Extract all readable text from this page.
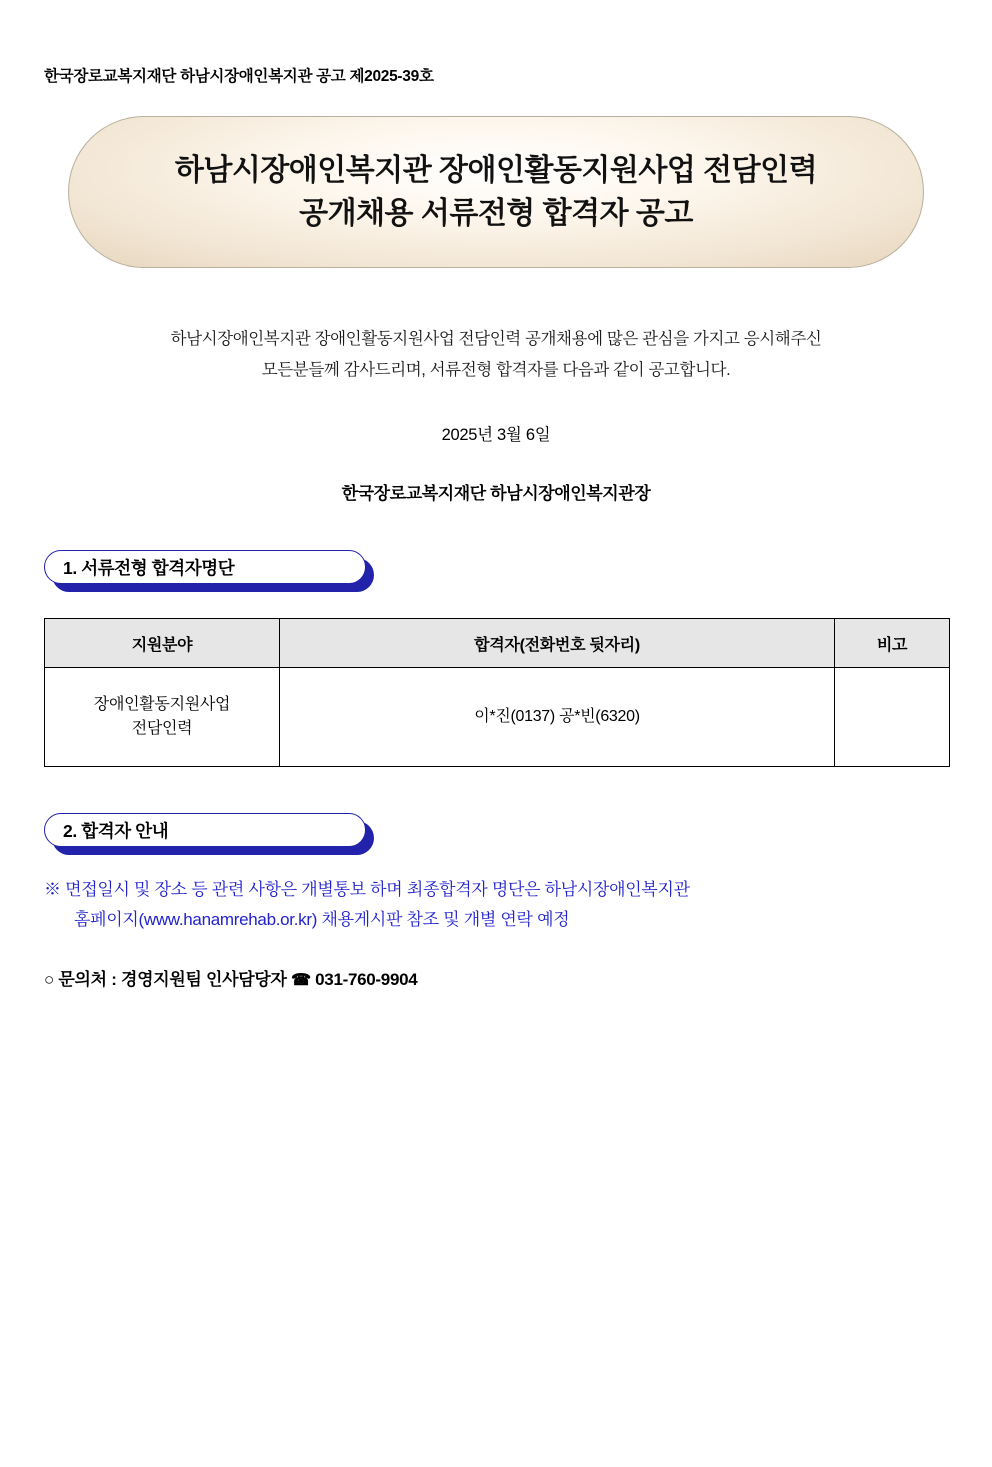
한국장로교복지재단 하남시장애인복지관 공고 제2025-39호
하남시장애인복지관 장애인활동지원사업 전담인력
공개채용 서류전형 합격자 공고
하남시장애인복지관 장애인활동지원사업 전담인력 공개채용에 많은 관심을 가지고 응시해주신
모든분들께 감사드리며, 서류전형 합격자를 다음과 같이 공고합니다.
2025년 3월 6일
한국장로교복지재단 하남시장애인복지관장
1. 서류전형 합격자명단
지원분야	합격자(전화번호 뒷자리)	비고

장애인활동지원사업
전담인력	이*진(0137) 공*빈(6320)	
2. 합격자 안내
※ 면접일시 및 장소 등 관련 사항은 개별통보 하며 최종합격자 명단은 하남시장애인복지관
홈페이지(www.hanamrehab.or.kr) 채용게시판 참조 및 개별 연락 예정
○ 문의처 : 경영지원팀 인사담당자 ☎ 031-760-9904
